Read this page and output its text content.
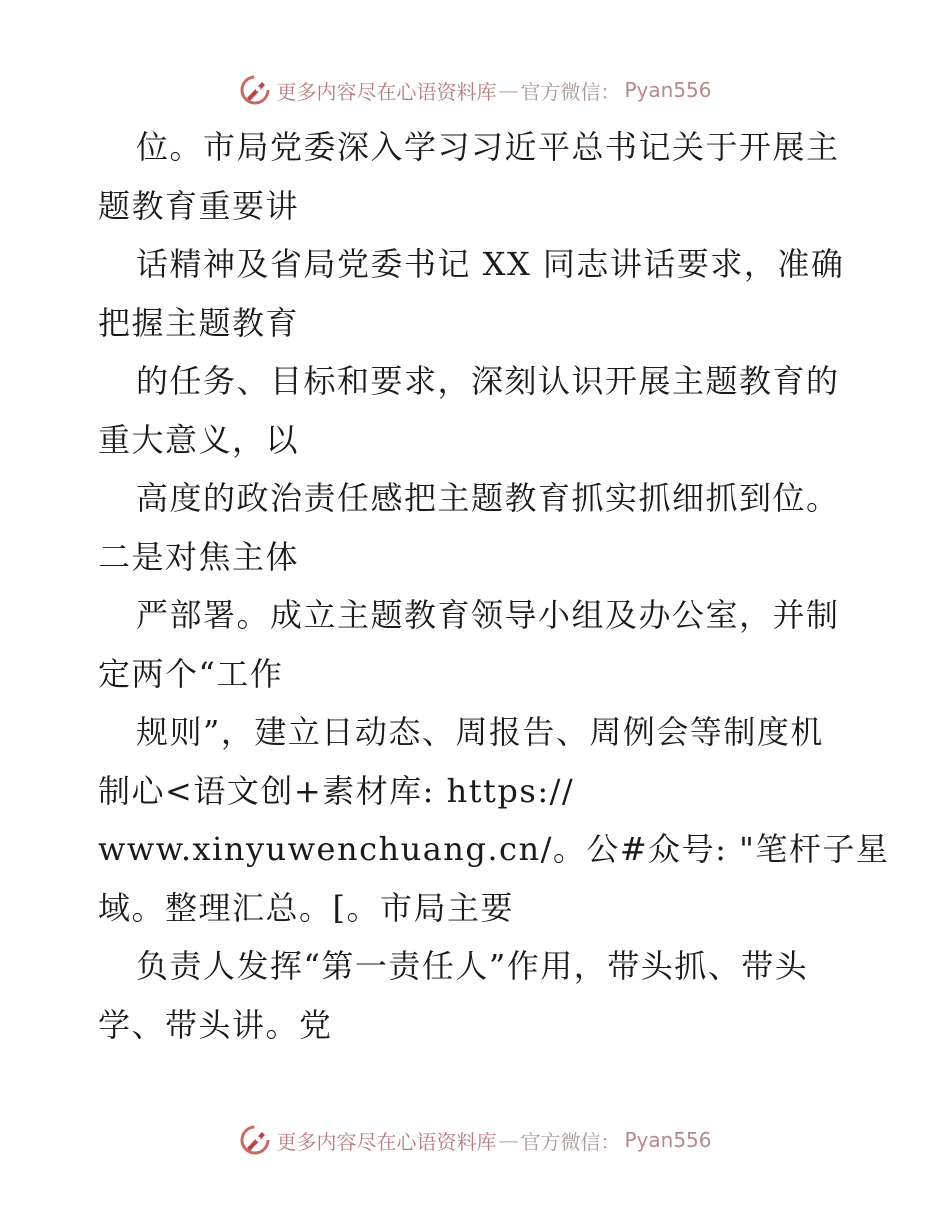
更多内容尽在心语资料库 — 官方微信： Pyan556
位。市局党委深入学习习近平总书记关于开展主
题教育重要讲
话精神及省局党委书记 XX 同志讲话要求，准确
把握主题教育
的任务、目标和要求，深刻认识开展主题教育的
重大意义，以
高度的政治责任感把主题教育抓实抓细抓到位。
二是对焦主体
严部署。成立主题教育领导小组及办公室，并制
定两个“工作
规则”，建立日动态、周报告、周例会等制度机
制心<语文创+素材库: https://
www.xinyuwenchuang.cn/。公#众号: "笔杆子星
域。整理汇总。[。市局主要
负责人发挥“第一责任人”作用，带头抓、带头
学、带头讲。党
更多内容尽在心语资料库 — 官方微信： Pyan556
